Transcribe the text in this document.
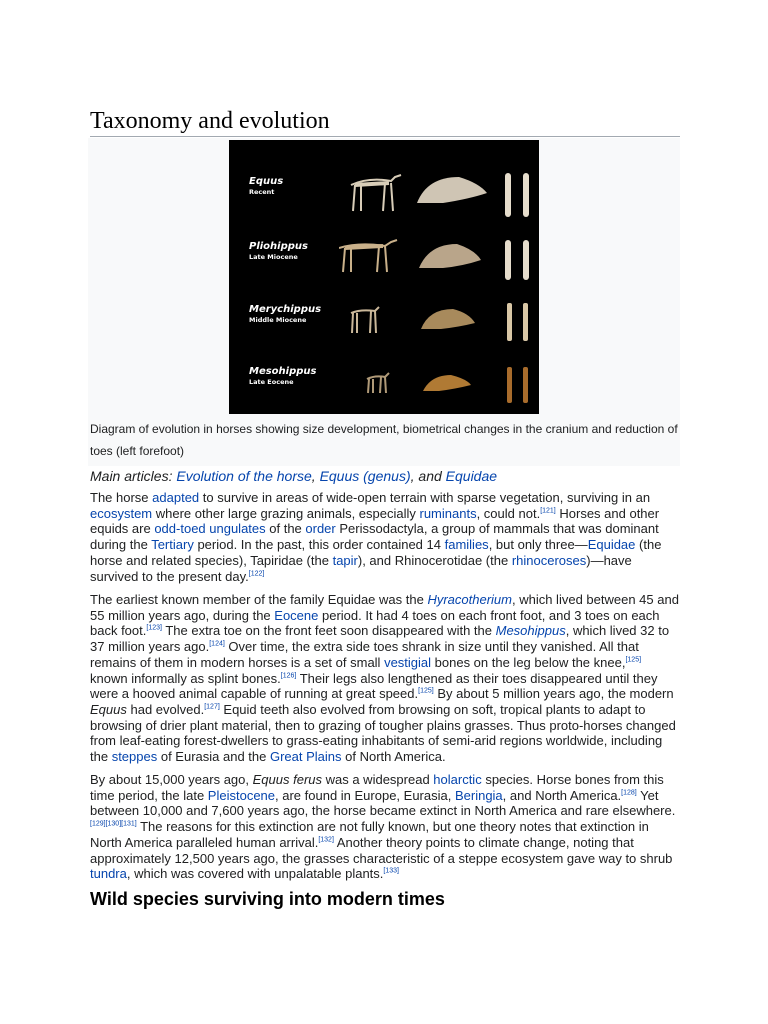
Taxonomy and evolution
Equus
Recent
Pliohippus
Late Miocene
Merychippus
Middle Miocene
Mesohippus
Late Eocene
Diagram of evolution in horses showing size development, biometrical changes in the cranium and reduction of toes (left forefoot)
Main articles: Evolution of the horse, Equus (genus), and Equidae

The horse adapted to survive in areas of wide-open terrain with sparse vegetation, surviving in an ecosystem where other large grazing animals, especially ruminants, could not.[121] Horses and other equids are odd-toed ungulates of the order Perissodactyla, a group of mammals that was dominant during the Tertiary period. In the past, this order contained 14 families, but only three—Equidae (the horse and related species), Tapiridae (the tapir), and Rhinocerotidae (the rhinoceroses)—have survived to the present day.[122]

The earliest known member of the family Equidae was the Hyracotherium, which lived between 45 and 55 million years ago, during the Eocene period. It had 4 toes on each front foot, and 3 toes on each back foot.[123] The extra toe on the front feet soon disappeared with the Mesohippus, which lived 32 to 37 million years ago.[124] Over time, the extra side toes shrank in size until they vanished. All that remains of them in modern horses is a set of small vestigial bones on the leg below the knee,[125] known informally as splint bones.[126] Their legs also lengthened as their toes disappeared until they were a hooved animal capable of running at great speed.[125] By about 5 million years ago, the modern Equus had evolved.[127] Equid teeth also evolved from browsing on soft, tropical plants to adapt to browsing of drier plant material, then to grazing of tougher plains grasses. Thus proto-horses changed from leaf-eating forest-dwellers to grass-eating inhabitants of semi-arid regions worldwide, including the steppes of Eurasia and the Great Plains of North America.

By about 15,000 years ago, Equus ferus was a widespread holarctic species. Horse bones from this time period, the late Pleistocene, are found in Europe, Eurasia, Beringia, and North America.[128] Yet between 10,000 and 7,600 years ago, the horse became extinct in North America and rare elsewhere.[129][130][131] The reasons for this extinction are not fully known, but one theory notes that extinction in North America paralleled human arrival.[132] Another theory points to climate change, noting that approximately 12,500 years ago, the grasses characteristic of a steppe ecosystem gave way to shrub tundra, which was covered with unpalatable plants.[133]

Wild species surviving into modern times
